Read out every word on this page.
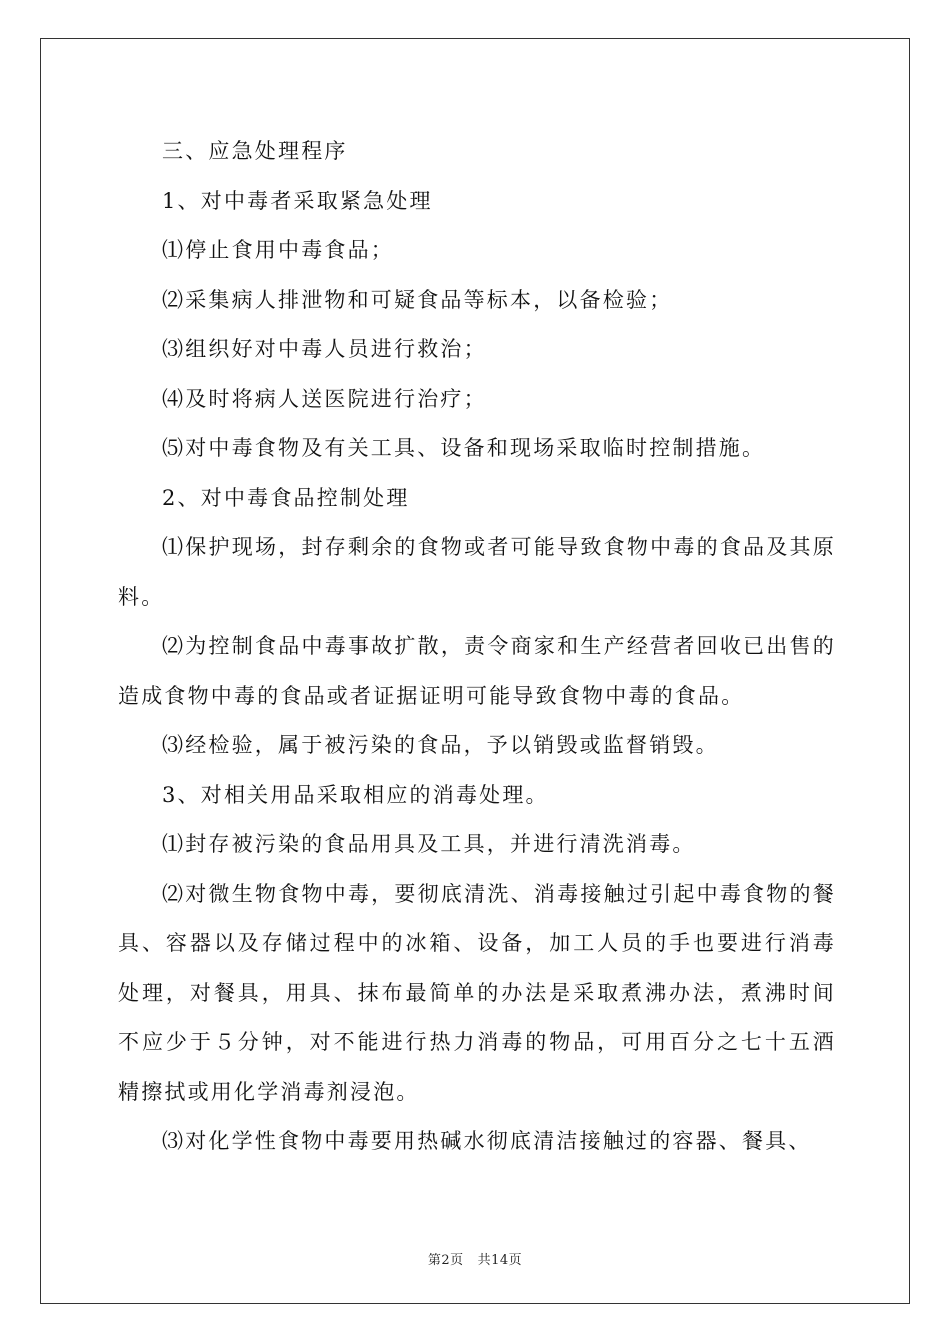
三、应急处理程序

1、对中毒者采取紧急处理

⑴停止食用中毒食品；

⑵采集病人排泄物和可疑食品等标本，以备检验；

⑶组织好对中毒人员进行救治；

⑷及时将病人送医院进行治疗；

⑸对中毒食物及有关工具、设备和现场采取临时控制措施。

2、对中毒食品控制处理

⑴保护现场，封存剩余的食物或者可能导致食物中毒的食品及其原料。

⑵为控制食品中毒事故扩散，责令商家和生产经营者回收已出售的造成食物中毒的食品或者证据证明可能导致食物中毒的食品。

⑶经检验，属于被污染的食品，予以销毁或监督销毁。

3、对相关用品采取相应的消毒处理。

⑴封存被污染的食品用具及工具，并进行清洗消毒。

⑵对微生物食物中毒，要彻底清洗、消毒接触过引起中毒食物的餐具、容器以及存储过程中的冰箱、设备，加工人员的手也要进行消毒处理，对餐具，用具、抹布最简单的办法是采取煮沸办法，煮沸时间不应少于５分钟，对不能进行热力消毒的物品，可用百分之七十五酒精擦拭或用化学消毒剂浸泡。

⑶对化学性食物中毒要用热碱水彻底清洁接触过的容器、餐具、

第2页 共14页
